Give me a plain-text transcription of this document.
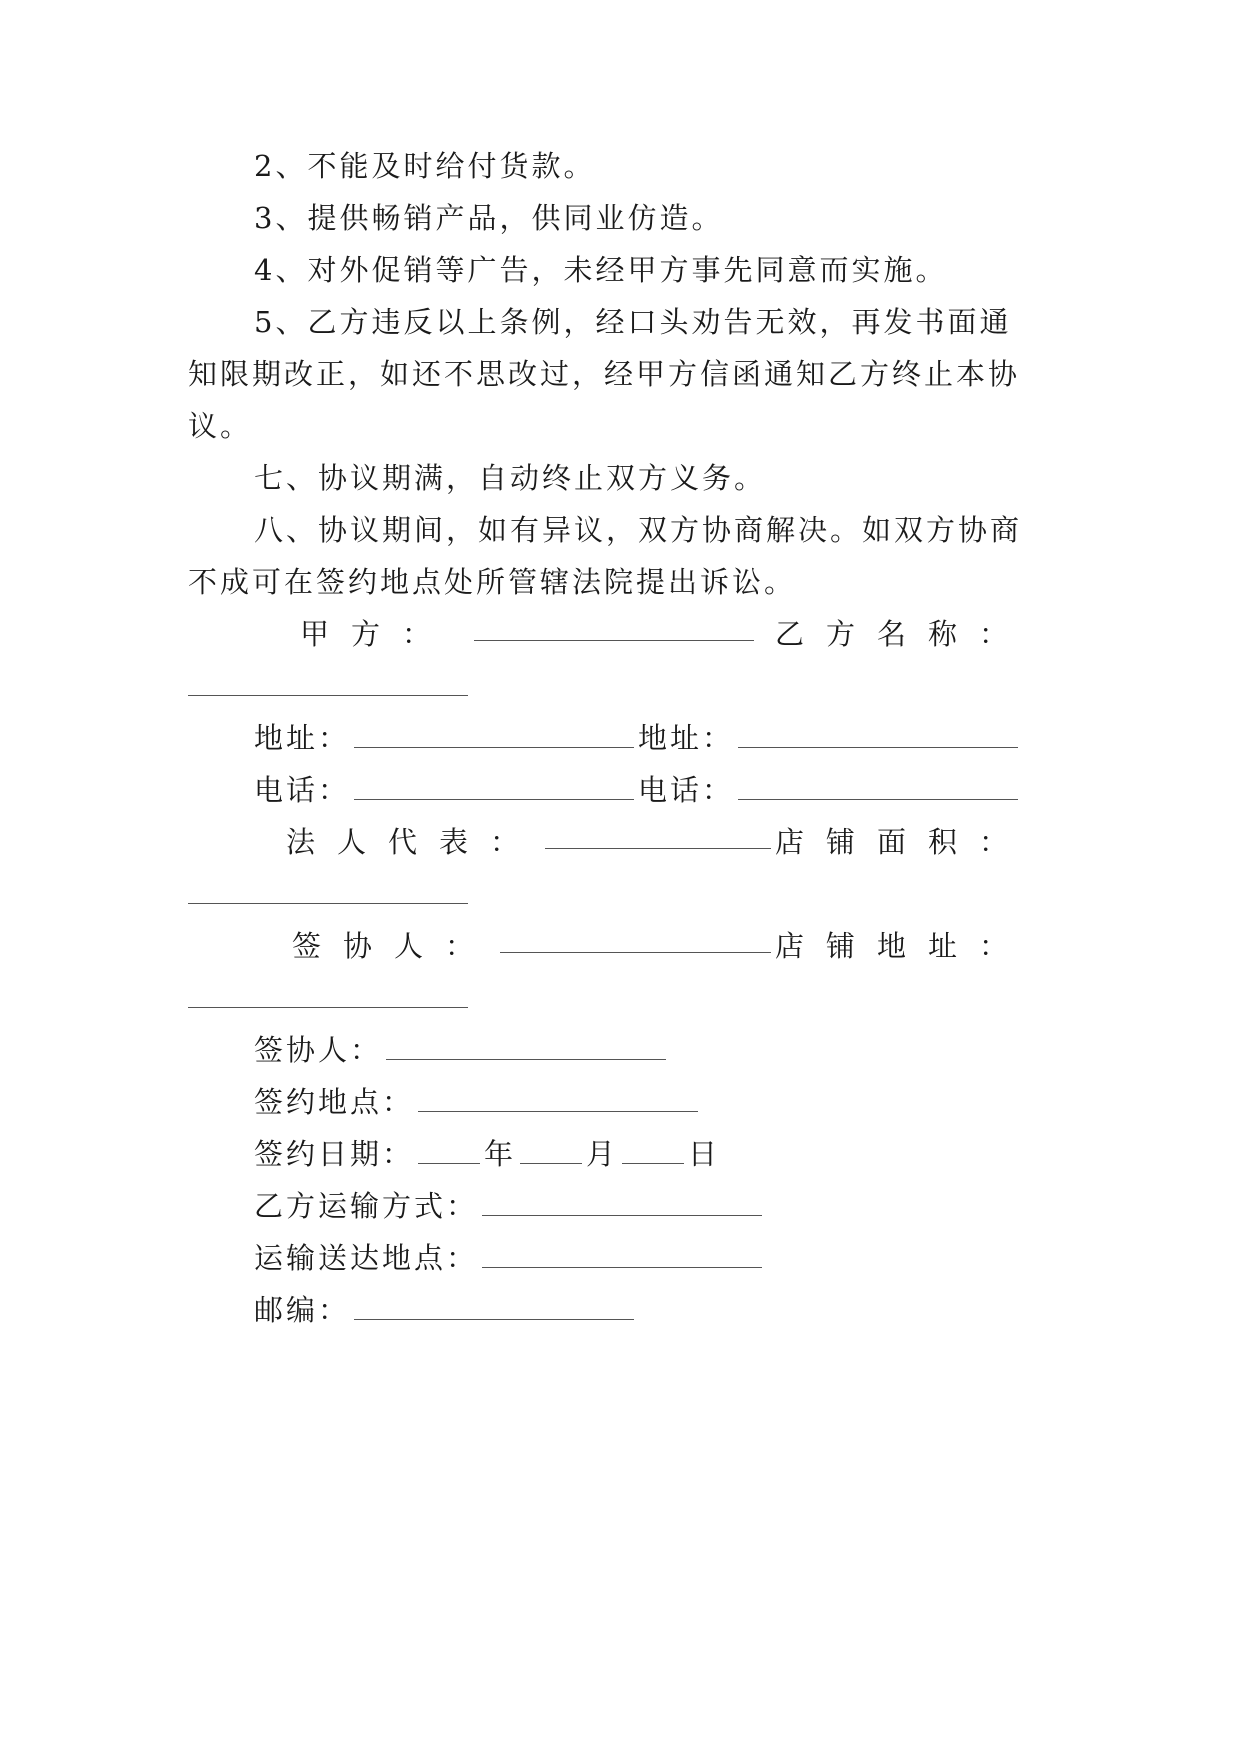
2、不能及时给付货款。
3、提供畅销产品，供同业仿造。
4、对外促销等广告，未经甲方事先同意而实施。
5、乙方违反以上条例，经口头劝告无效，再发书面通
知限期改正，如还不思改过，经甲方信函通知乙方终止本协
议。
七、协议期满，自动终止双方义务。
八、协议期间，如有异议，双方协商解决。如双方协商
不成可在签约地点处所管辖法院提出诉讼。
甲方：	乙方名称：
地址：	地址：
电话：	电话：
法人代表：	店铺面积：
签协人：	店铺地址：
签协人：
签约地点：
签约日期： 年 月 日
乙方运输方式：
运输送达地点：
邮编：
